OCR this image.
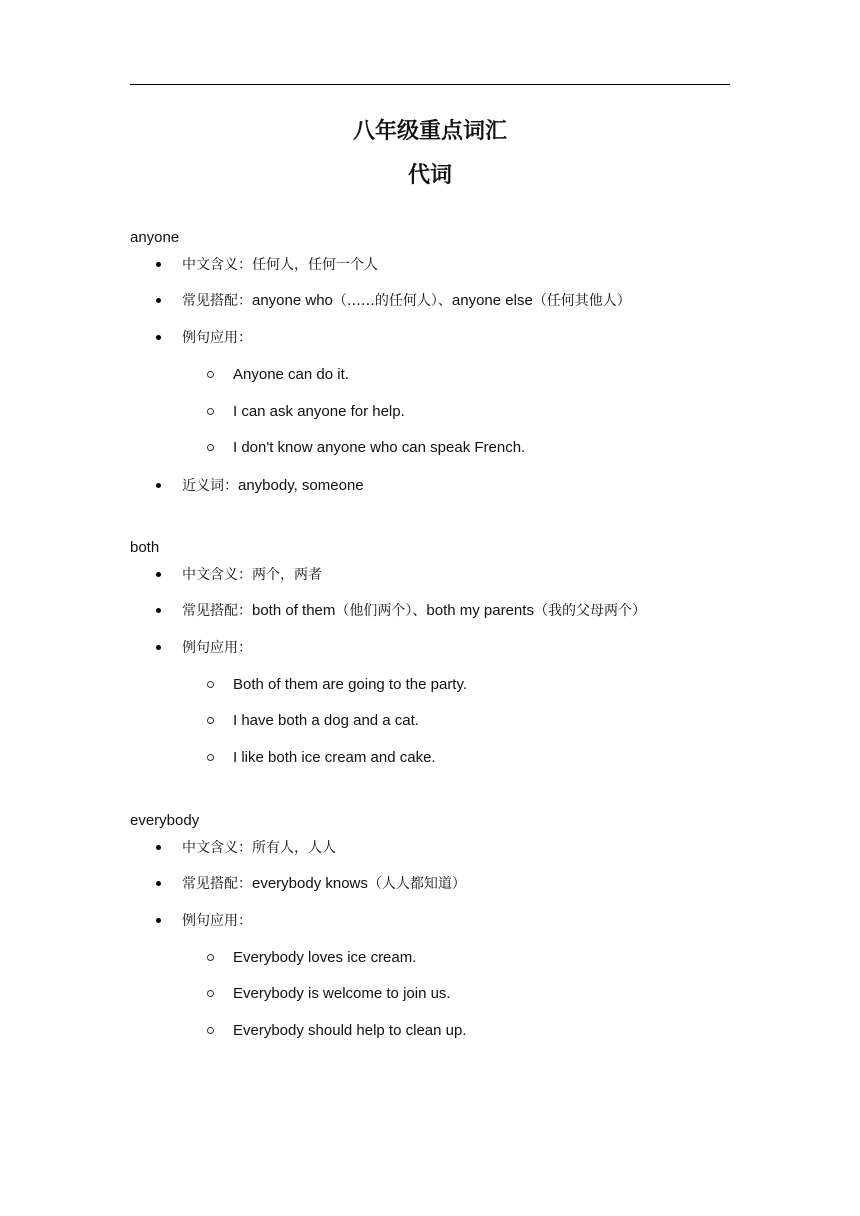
八年级重点词汇
代词
anyone
中文含义： 任何人，任何一个人
常见搭配： anyone who （……的任何人）、 anyone else （任何其他人）
例句应用：
Anyone can do it.
I can ask anyone for help.
I don't know anyone who can speak French.
近义词： anybody, someone
both
中文含义： 两个，两者
常见搭配： both of them （他们两个）、 both my parents （我的父母两个）
例句应用：
Both of them are going to the party.
I have both a dog and a cat.
I like both ice cream and cake.
everybody
中文含义： 所有人，人人
常见搭配： everybody knows （人人都知道）
例句应用：
Everybody loves ice cream.
Everybody is welcome to join us.
Everybody should help to clean up.
